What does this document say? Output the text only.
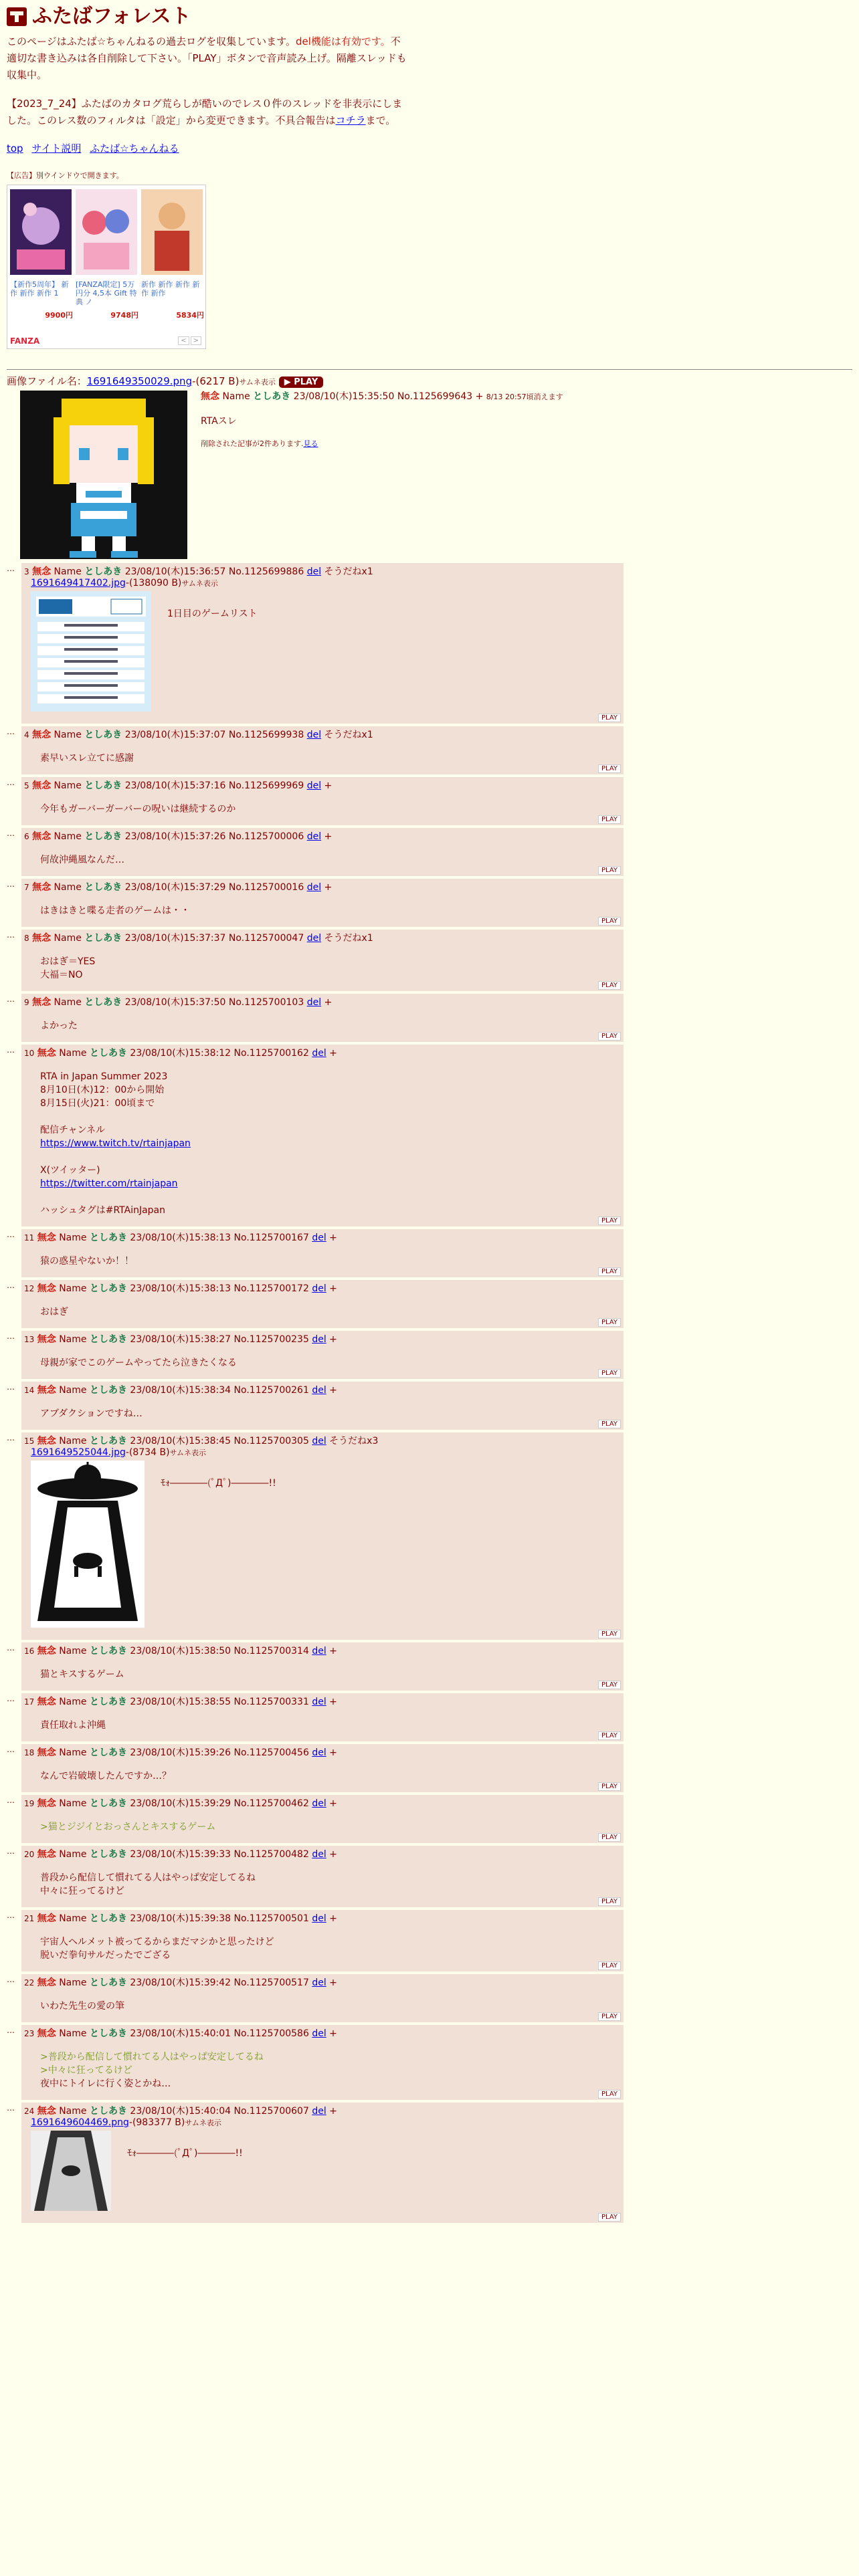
ふたばフォレスト

このページはふたば☆ちゃんねるの過去ログを収集しています。del機能は有効です。不適切な書き込みは各自削除して下さい。「PLAY」ボタンで音声読み上げ。隔離スレッドも収集中。

【2023_7_24】ふたばのカタログ荒らしが酷いのでレス０件のスレッドを非表示にしました。このレス数のフィルタは「設定」から変更できます。不具合報告はコチラまで。

top サイト説明 ふたば☆ちゃんねる
【広告】別ウインドウで開きます。
【新作5周年】 新作 新作 新作 1
9900円
[FANZA限定] 5万円分 4,5本 Gift 特典 ノ
9748円
新作 新作 新作 新作 新作
5834円
FANZA	< >
画像ファイル名：1691649350029.png-(6217 B)サムネ表示 ▶ PLAY
無念 Name としあき 23/08/10(木)15:35:50 No.1125699643 + 8/13 20:57頃消えます
RTAスレ
削除された記事が2件あります.見る
…	3 無念 Name としあき 23/08/10(木)15:36:57 No.1125699886 del そうだねx1
1691649417402.jpg-(138090 B)サムネ表示
1日目のゲームリスト
PLAY
…	4 無念 Name としあき 23/08/10(木)15:37:07 No.1125699938 del そうだねx1
素早いスレ立てに感謝
PLAY
…	5 無念 Name としあき 23/08/10(木)15:37:16 No.1125699969 del +
今年もガーバーガーバーの呪いは継続するのか
PLAY
…	6 無念 Name としあき 23/08/10(木)15:37:26 No.1125700006 del +
何故沖縄風なんだ…
PLAY
…	7 無念 Name としあき 23/08/10(木)15:37:29 No.1125700016 del +
はきはきと喋る走者のゲームは・・
PLAY
…	8 無念 Name としあき 23/08/10(木)15:37:37 No.1125700047 del そうだねx1
おはぎ＝YES
大福＝NO
PLAY
…	9 無念 Name としあき 23/08/10(木)15:37:50 No.1125700103 del +
よかった
PLAY
…	10 無念 Name としあき 23/08/10(木)15:38:12 No.1125700162 del +
RTA in Japan Summer 2023
8月10日(木)12：00から開始
8月15日(火)21：00頃まで

配信チャンネル
https://www.twitch.tv/rtainjapan
X(ツイッター)
https://twitter.com/rtainjapan
ハッシュタグは#RTAinJapan
PLAY
…	11 無念 Name としあき 23/08/10(木)15:38:13 No.1125700167 del +
猿の惑星やないか！！
PLAY
…	12 無念 Name としあき 23/08/10(木)15:38:13 No.1125700172 del +
おはぎ
PLAY
…	13 無念 Name としあき 23/08/10(木)15:38:27 No.1125700235 del +
母親が家でこのゲームやってたら泣きたくなる
PLAY
…	14 無念 Name としあき 23/08/10(木)15:38:34 No.1125700261 del +
アブダクションですね…
PLAY
…	15 無念 Name としあき 23/08/10(木)15:38:45 No.1125700305 del そうだねx3
1691649525044.jpg-(8734 B)サムネ表示
ﾓｫ――――(ﾟДﾟ)――――!!
PLAY
…	16 無念 Name としあき 23/08/10(木)15:38:50 No.1125700314 del +
猫とキスするゲーム
PLAY
…	17 無念 Name としあき 23/08/10(木)15:38:55 No.1125700331 del +
責任取れよ沖縄
PLAY
…	18 無念 Name としあき 23/08/10(木)15:39:26 No.1125700456 del +
なんで岩破壊したんですか…？
PLAY
…	19 無念 Name としあき 23/08/10(木)15:39:29 No.1125700462 del +
>猫とジジイとおっさんとキスするゲーム
PLAY
…	20 無念 Name としあき 23/08/10(木)15:39:33 No.1125700482 del +
普段から配信して慣れてる人はやっぱ安定してるね
中々に狂ってるけど
PLAY
…	21 無念 Name としあき 23/08/10(木)15:39:38 No.1125700501 del +
宇宙人ヘルメット被ってるからまだマシかと思ったけど
脱いだ拳句サルだったでござる
PLAY
…	22 無念 Name としあき 23/08/10(木)15:39:42 No.1125700517 del +
いわた先生の愛の筆
PLAY
…	23 無念 Name としあき 23/08/10(木)15:40:01 No.1125700586 del +
>普段から配信して慣れてる人はやっぱ安定してるね
>中々に狂ってるけど
夜中にトイレに行く姿とかね…
PLAY
…	24 無念 Name としあき 23/08/10(木)15:40:04 No.1125700607 del +
1691649604469.png-(983377 B)サムネ表示
ﾓｫ――――(ﾟДﾟ)――――!!
PLAY
